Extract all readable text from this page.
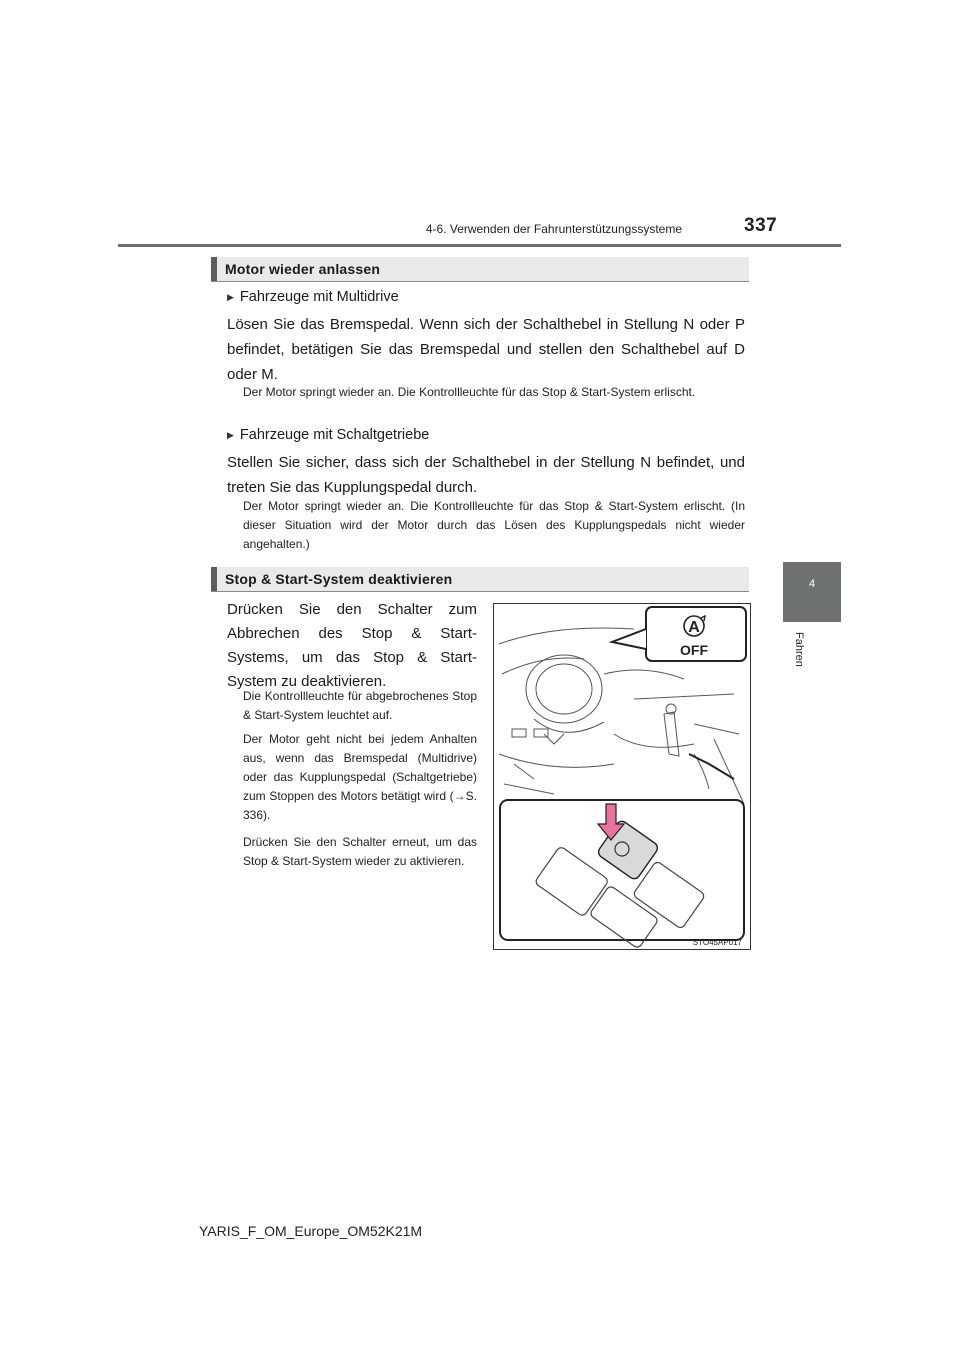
4-6. Verwenden der Fahrunterstützungssysteme	337
4
Fahren
Motor wieder anlassen
▶ Fahrzeuge mit Multidrive
Lösen Sie das Bremspedal. Wenn sich der Schalthebel in Stellung N oder P befindet, betätigen Sie das Bremspedal und stellen den Schalthebel auf D oder M.
Der Motor springt wieder an. Die Kontrollleuchte für das Stop & Start-System erlischt.
▶ Fahrzeuge mit Schaltgetriebe
Stellen Sie sicher, dass sich der Schalthebel in der Stellung N befindet, und treten Sie das Kupplungspedal durch.
Der Motor springt wieder an. Die Kontrollleuchte für das Stop & Start-System erlischt. (In dieser Situation wird der Motor durch das Lösen des Kupplungspedals nicht wieder angehalten.)
Stop & Start-System deaktivieren
Drücken Sie den Schalter zum Abbrechen des Stop & Start-Systems, um das Stop & Start-System zu deaktivieren.
Die Kontrollleuchte für abgebrochenes Stop & Start-System leuchtet auf.
Der Motor geht nicht bei jedem Anhalten aus, wenn das Bremspedal (Multidrive) oder das Kupplungspedal (Schaltgetriebe) zum Stoppen des Motors betätigt wird (→S. 336).
Drücken Sie den Schalter erneut, um das Stop & Start-System wieder zu aktivieren.
A
OFF
STO45AP017
YARIS_F_OM_Europe_OM52K21M
